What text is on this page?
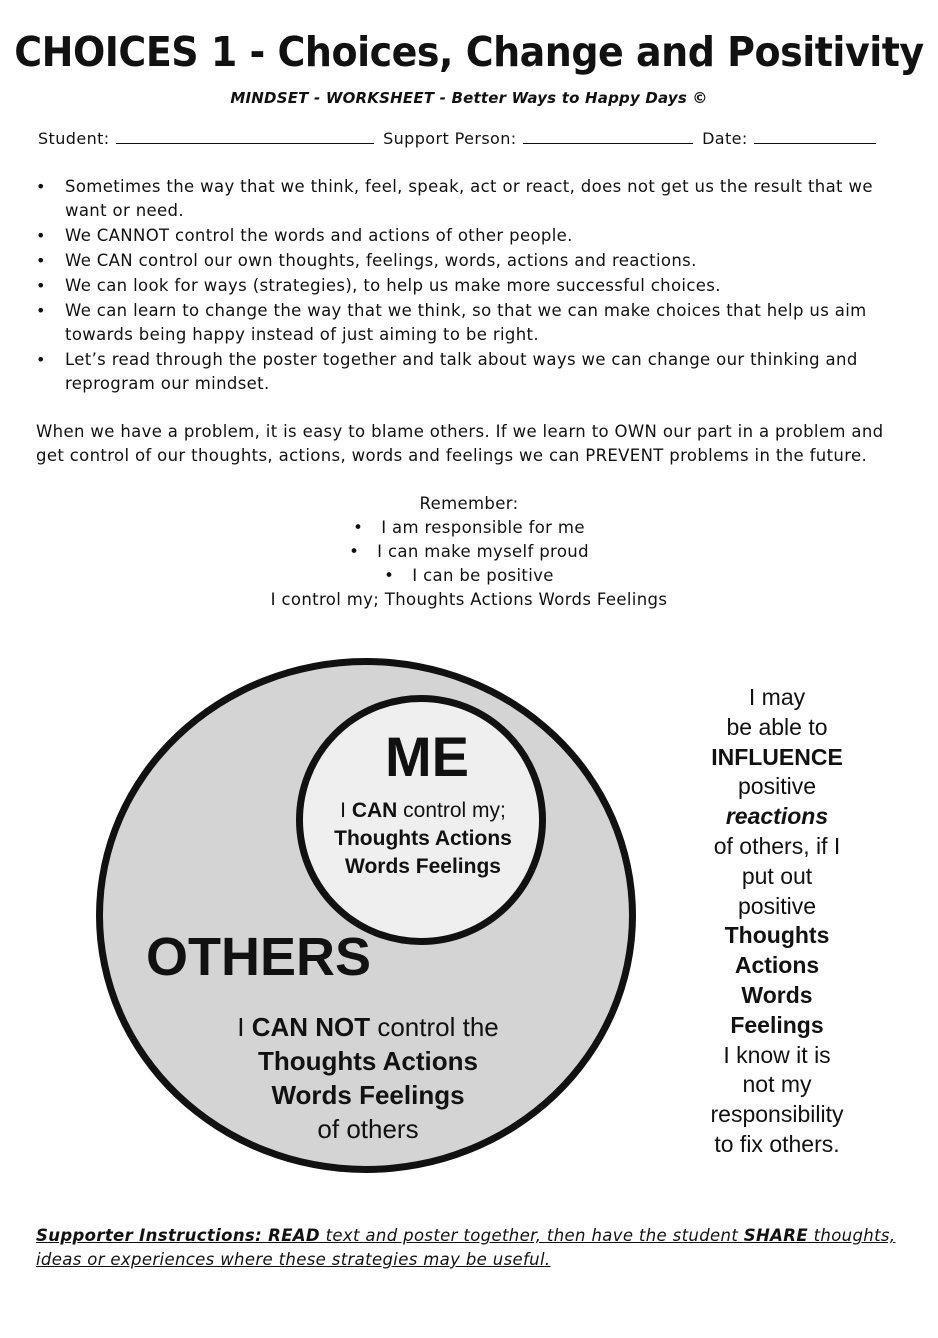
CHOICES 1 - Choices, Change and Positivity
MINDSET - WORKSHEET - Better Ways to Happy Days ©
Student:	Support Person:	Date:
• Sometimes the way that we think, feel, speak, act or react, does not get us the result that we want or need.
• We CANNOT control the words and actions of other people.
• We CAN control our own thoughts, feelings, words, actions and reactions.
• We can look for ways (strategies), to help us make more successful choices.
• We can learn to change the way that we think, so that we can make choices that help us aim towards being happy instead of just aiming to be right.
• Let’s read through the poster together and talk about ways we can change our thinking and reprogram our mindset.
When we have a problem, it is easy to blame others. If we learn to OWN our part in a problem and get control of our thoughts, actions, words and feelings we can PREVENT problems in the future.
Remember:
• I am responsible for me
• I can make myself proud
• I can be positive
I control my; Thoughts Actions Words Feelings
ME
I CAN control my;
Thoughts Actions
Words Feelings
OTHERS
I CAN NOT control the
Thoughts Actions
Words Feelings
of others
I may
be able to
INFLUENCE
positive
reactions
of others, if I
put out
positive
Thoughts
Actions
Words
Feelings
I know it is
not my
responsibility
to fix others.
Supporter Instructions: READ text and poster together, then have the student SHARE thoughts, ideas or experiences where these strategies may be useful.
